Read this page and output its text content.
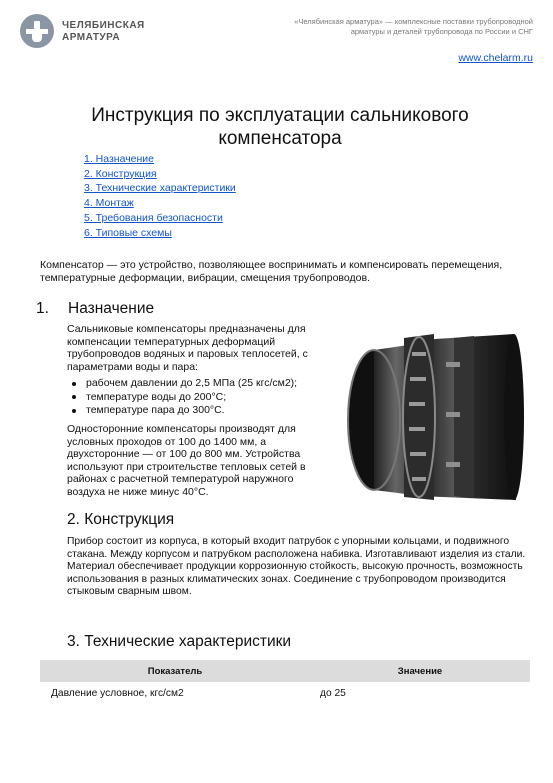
ЧЕЛЯБИНСКАЯ
АРМАТУРА
«Челябинская арматура» — комплексные поставки трубопроводной арматуры и деталей трубопровода по России и СНГ
www.chelarm.ru
Инструкция по эксплуатации сальникового компенсатора
1. Назначение
2. Конструкция
3. Технические характеристики
4. Монтаж
5. Требования безопасности
6. Типовые схемы
Компенсатор — это устройство, позволяющее воспринимать и компенсировать перемещения, температурные деформации, вибрации, смещения трубопроводов.
1. Назначение
Сальниковые компенсаторы предназначены для компенсации температурных деформаций трубопроводов водяных и паровых теплосетей, с параметрами воды и пара:
рабочем давлении до 2,5 МПа (25 кгс/см2);
температуре воды до 200°С;
температуре пара до 300°С.
Односторонние компенсаторы производят для условных проходов от 100 до 1400 мм, а двухсторонние — от 100 до 800 мм. Устройства используют при строительстве тепловых сетей в районах с расчетной температурой наружного воздуха не ниже минус 40°С.
2. Конструкция
Прибор состоит из корпуса, в который входит патрубок с упорными кольцами, и подвижного стакана. Между корпусом и патрубком расположена набивка. Изготавливают изделия из стали. Материал обеспечивает продукции коррозионную стойкость, высокую прочность, возможность использования в разных климатических зонах. Соединение с трубопроводом производится стыковым сварным швом.
3. Технические характеристики
Показатель	Значение
Давление условное, кгс/см2	до 25
